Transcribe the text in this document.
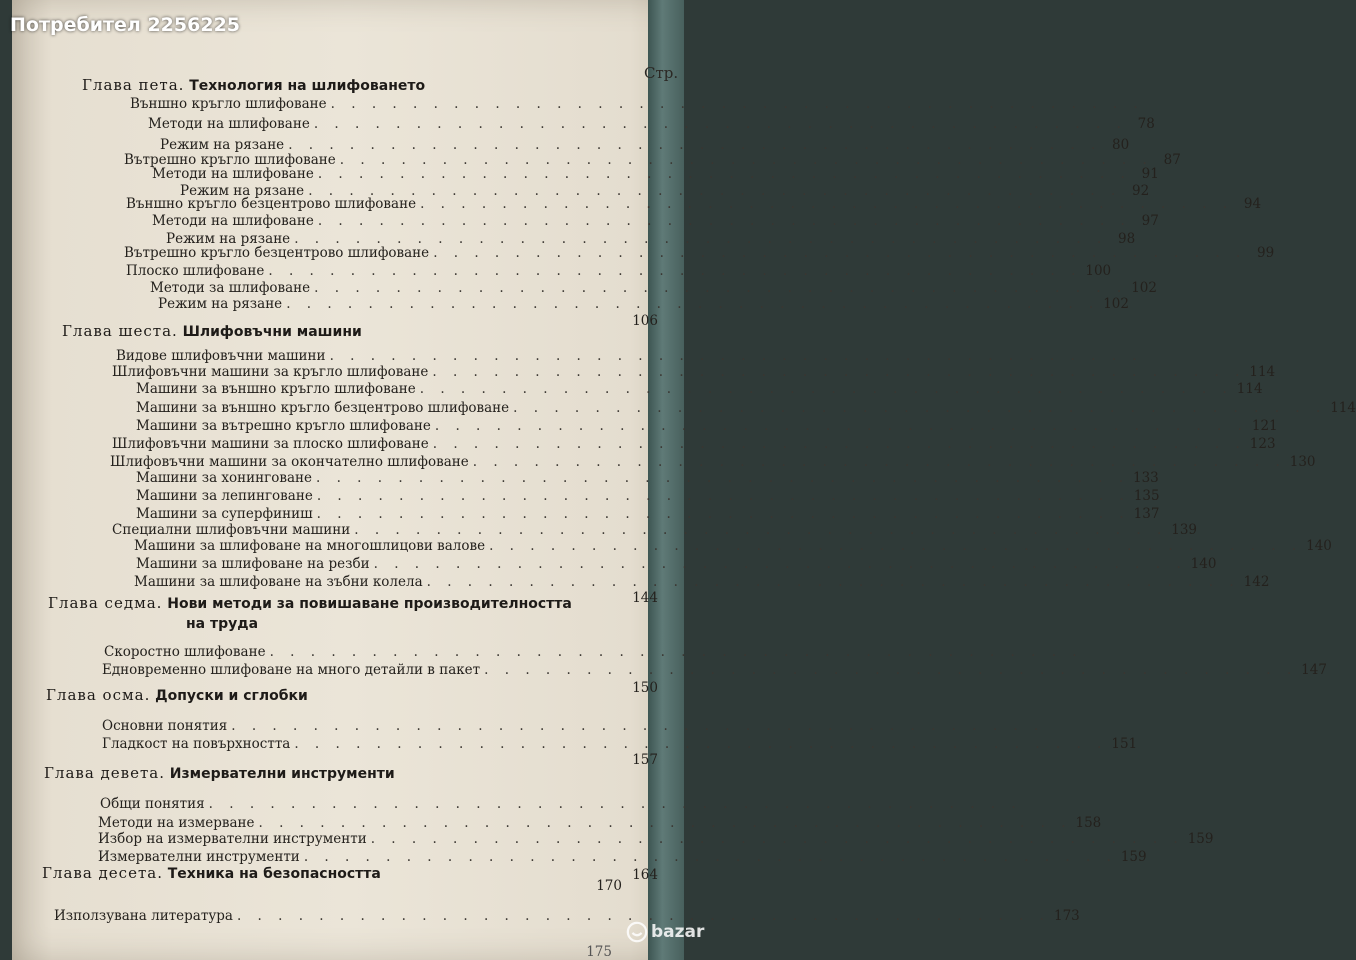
Стр.
Глава пета. Технология на шлифоването
Външно кръгло шлифоване . . . . . . . . . . . . . . . . . . . . . . . . . . . . . . . . . . . . . . . .
Методи на шлифоване . . . . . . . . . . . . . . . . . . . . . . . . . . . . . . . . . . . . . . . . 78
Режим на рязане . . . . . . . . . . . . . . . . . . . . . . . . . . . . . . . . . . . . . . . . 80
Вътрешно кръгло шлифоване . . . . . . . . . . . . . . . . . . . . . . . . . . . . . . . . . . . . . . . . 87
Методи на шлифоване . . . . . . . . . . . . . . . . . . . . . . . . . . . . . . . . . . . . . . . . 91
Режим на рязане . . . . . . . . . . . . . . . . . . . . . . . . . . . . . . . . . . . . . . . . 92
Външно кръгло безцентрово шлифоване . . . . . . . . . . . . . . . . . . . . . . . . . . . . . . . . . . . . . . . . 94
Методи на шлифоване . . . . . . . . . . . . . . . . . . . . . . . . . . . . . . . . . . . . . . . . 97
Режим на рязане . . . . . . . . . . . . . . . . . . . . . . . . . . . . . . . . . . . . . . . . 98
Вътрешно кръгло безцентрово шлифоване . . . . . . . . . . . . . . . . . . . . . . . . . . . . . . . . . . . . . . . . 99
Плоско шлифоване . . . . . . . . . . . . . . . . . . . . . . . . . . . . . . . . . . . . . . . . 100
Методи за шлифоване . . . . . . . . . . . . . . . . . . . . . . . . . . . . . . . . . . . . . . . . 102
Режим на рязане . . . . . . . . . . . . . . . . . . . . . . . . . . . . . . . . . . . . . . . . 102
106
Видове шлифовъчни машини . . . . . . . . . . . . . . . . . . . . . . . . . . . . . . . . . . . . . . . .
Шлифовъчни машини за кръгло шлифоване . . . . . . . . . . . . . . . . . . . . . . . . . . . . . . . . . . . . . . . . 114
Машини за външно кръгло шлифоване . . . . . . . . . . . . . . . . . . . . . . . . . . . . . . . . . . . . . . . . 114
Машини за външно кръгло безцентрово шлифоване . . . . . . . . . . . . . . . . . . . . . . . . . . . . . . . . . . . . . . . . 114
Машини за вътрешно кръгло шлифоване . . . . . . . . . . . . . . . . . . . . . . . . . . . . . . . . . . . . . . . . 121
Шлифовъчни машини за плоско шлифоване . . . . . . . . . . . . . . . . . . . . . . . . . . . . . . . . . . . . . . . . 123
Шлифовъчни машини за окончателно шлифоване . . . . . . . . . . . . . . . . . . . . . . . . . . . . . . . . . . . . . . . . 130
Машини за хонинговане . . . . . . . . . . . . . . . . . . . . . . . . . . . . . . . . . . . . . . . . 133
Машини за лепинговане . . . . . . . . . . . . . . . . . . . . . . . . . . . . . . . . . . . . . . . . 135
Машини за суперфиниш . . . . . . . . . . . . . . . . . . . . . . . . . . . . . . . . . . . . . . . . 137
Специални шлифовъчни машини . . . . . . . . . . . . . . . . . . . . . . . . . . . . . . . . . . . . . . . . 139
Машини за шлифоване на многошлицови валове . . . . . . . . . . . . . . . . . . . . . . . . . . . . . . . . . . . . . . . . 140
Машини за шлифоване на резби . . . . . . . . . . . . . . . . . . . . . . . . . . . . . . . . . . . . . . . . 140
Машини за шлифоване на зъбни колела . . . . . . . . . . . . . . . . . . . . . . . . . . . . . . . . . . . . . . . . 142
144
Скоростно шлифоване . . . . . . . . . . . . . . . . . . . . . . . . . . . . . . . . . . . . . . . .
Едновременно шлифоване на много детайли в пакет . . . . . . . . . . . . . . . . . . . . . . . . . . . . . . . . . . . . . . . . 147
150
Основни понятия . . . . . . . . . . . . . . . . . . . . . . . . . . . . . . . . . . . . . . . .
Гладкост на повърхността . . . . . . . . . . . . . . . . . . . . . . . . . . . . . . . . . . . . . . . . 151
157
Общи понятия . . . . . . . . . . . . . . . . . . . . . . . . . . . . . . . . . . . . . . . .
Методи на измерване . . . . . . . . . . . . . . . . . . . . . . . . . . . . . . . . . . . . . . . . 158
Избор на измервателни инструменти . . . . . . . . . . . . . . . . . . . . . . . . . . . . . . . . . . . . . . . . 159
Измервателни инструменти . . . . . . . . . . . . . . . . . . . . . . . . . . . . . . . . . . . . . . . . 159
164
Използувана литература . . . . . . . . . . . . . . . . . . . . . . . . . . . . . . . . . . . . . . . . 173
Глава шеста. Шлифовъчни машини
Глава седма. Нови методи за повишаване производителността
на труда
Глава осма. Допуски и сглобки
Глава девета. Измервателни инструменти
Глава десета. Техника на безопасността
170
175
Потребител 2256225
bazar
